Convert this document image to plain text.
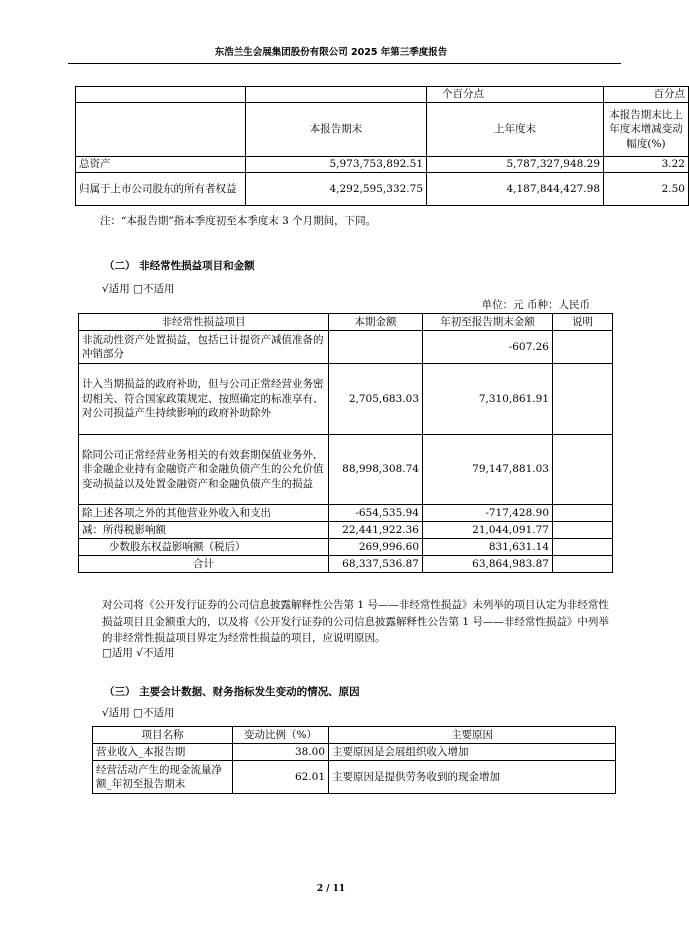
东浩兰生会展集团股份有限公司 2025 年第三季度报告
		个百分点	百分点
	本报告期末	上年度末	本报告期末比上年度末增减变动幅度(%)
总资产	5,973,753,892.51	5,787,327,948.29	3.22
归属于上市公司股东的所有者权益	4,292,595,332.75	4,187,844,427.98	2.50
注：“本报告期”指本季度初至本季度末 3 个月期间，下同。
（二） 非经常性损益项目和金额
√适用 □不适用
单位：元 币种：人民币
非经常性损益项目	本期金额	年初至报告期末金额	说明
非流动性资产处置损益，包括已计提资产减值准备的冲销部分		-607.26	
计入当期损益的政府补助，但与公司正常经营业务密切相关、符合国家政策规定、按照确定的标准享有、对公司损益产生持续影响的政府补助除外	2,705,683.03	7,310,861.91	
除同公司正常经营业务相关的有效套期保值业务外，非金融企业持有金融资产和金融负债产生的公允价值变动损益以及处置金融资产和金融负债产生的损益	88,998,308.74	79,147,881.03	
除上述各项之外的其他营业外收入和支出	-654,535.94	-717,428.90	
减：所得税影响额	22,441,922.36	21,044,091.77	
少数股东权益影响额（税后）	269,996.60	831,631.14	
合计	68,337,536.87	63,864,983.87	
对公司将《公开发行证券的公司信息披露解释性公告第 1 号——非经常性损益》未列举的项目认定为非经常性损益项目且金额重大的，以及将《公开发行证券的公司信息披露解释性公告第 1 号——非经常性损益》中列举的非经常性损益项目界定为经常性损益的项目，应说明原因。
□适用 √不适用
（三） 主要会计数据、财务指标发生变动的情况、原因
√适用 □不适用
项目名称	变动比例（%）	主要原因
营业收入_本报告期	38.00	主要原因是会展组织收入增加
经营活动产生的现金流量净额_年初至报告期末	62.01	主要原因是提供劳务收到的现金增加
2 / 11
